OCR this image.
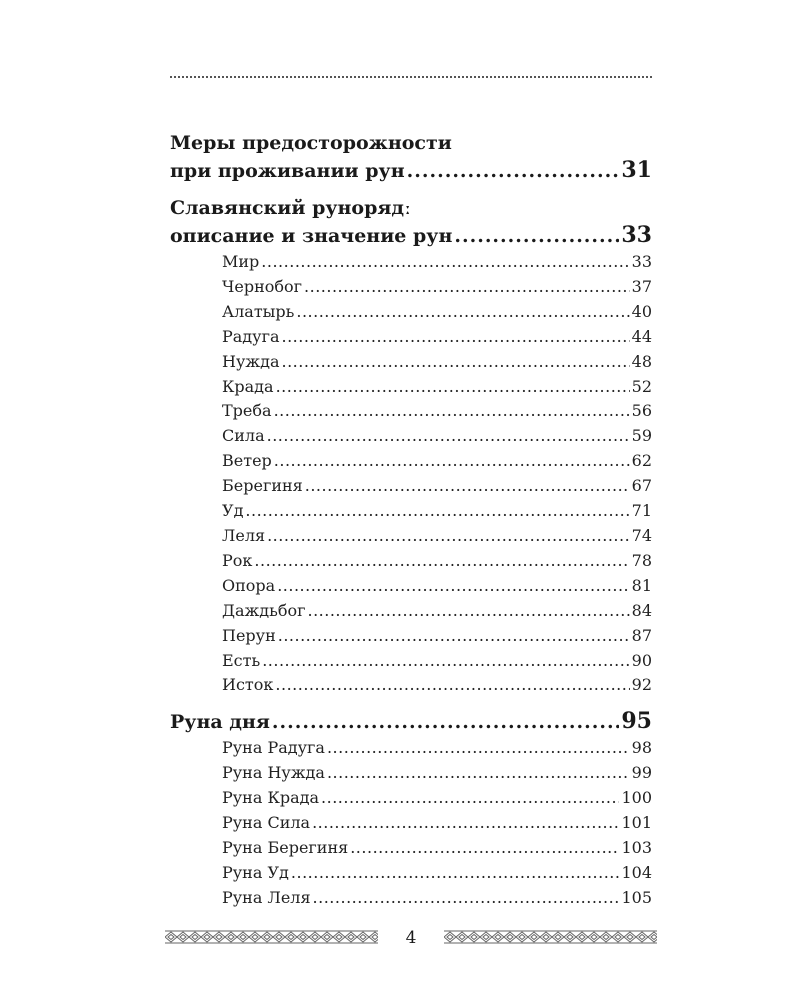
Меры предосторожности
при проживании рун .....	31
Славянский рунорядː
описание и значение рун .....	33
Мир .....	33
Чернобог .....	37
Алатырь .....	40
Радуга .....	44
Нужда .....	48
Крада .....	52
Треба .....	56
Сила .....	59
Ветер .....	62
Берегиня .....	67
Уд .....	71
Леля .....	74
Рок .....	78
Опора .....	81
Даждьбог .....	84
Перун .....	87
Есть .....	90
Исток .....	92
Руна дня .....	95
Руна Радуга .....	98
Руна Нужда .....	99
Руна Крада .....	100
Руна Сила .....	101
Руна Берегиня .....	103
Руна Уд .....	104
Руна Леля .....	105
4
